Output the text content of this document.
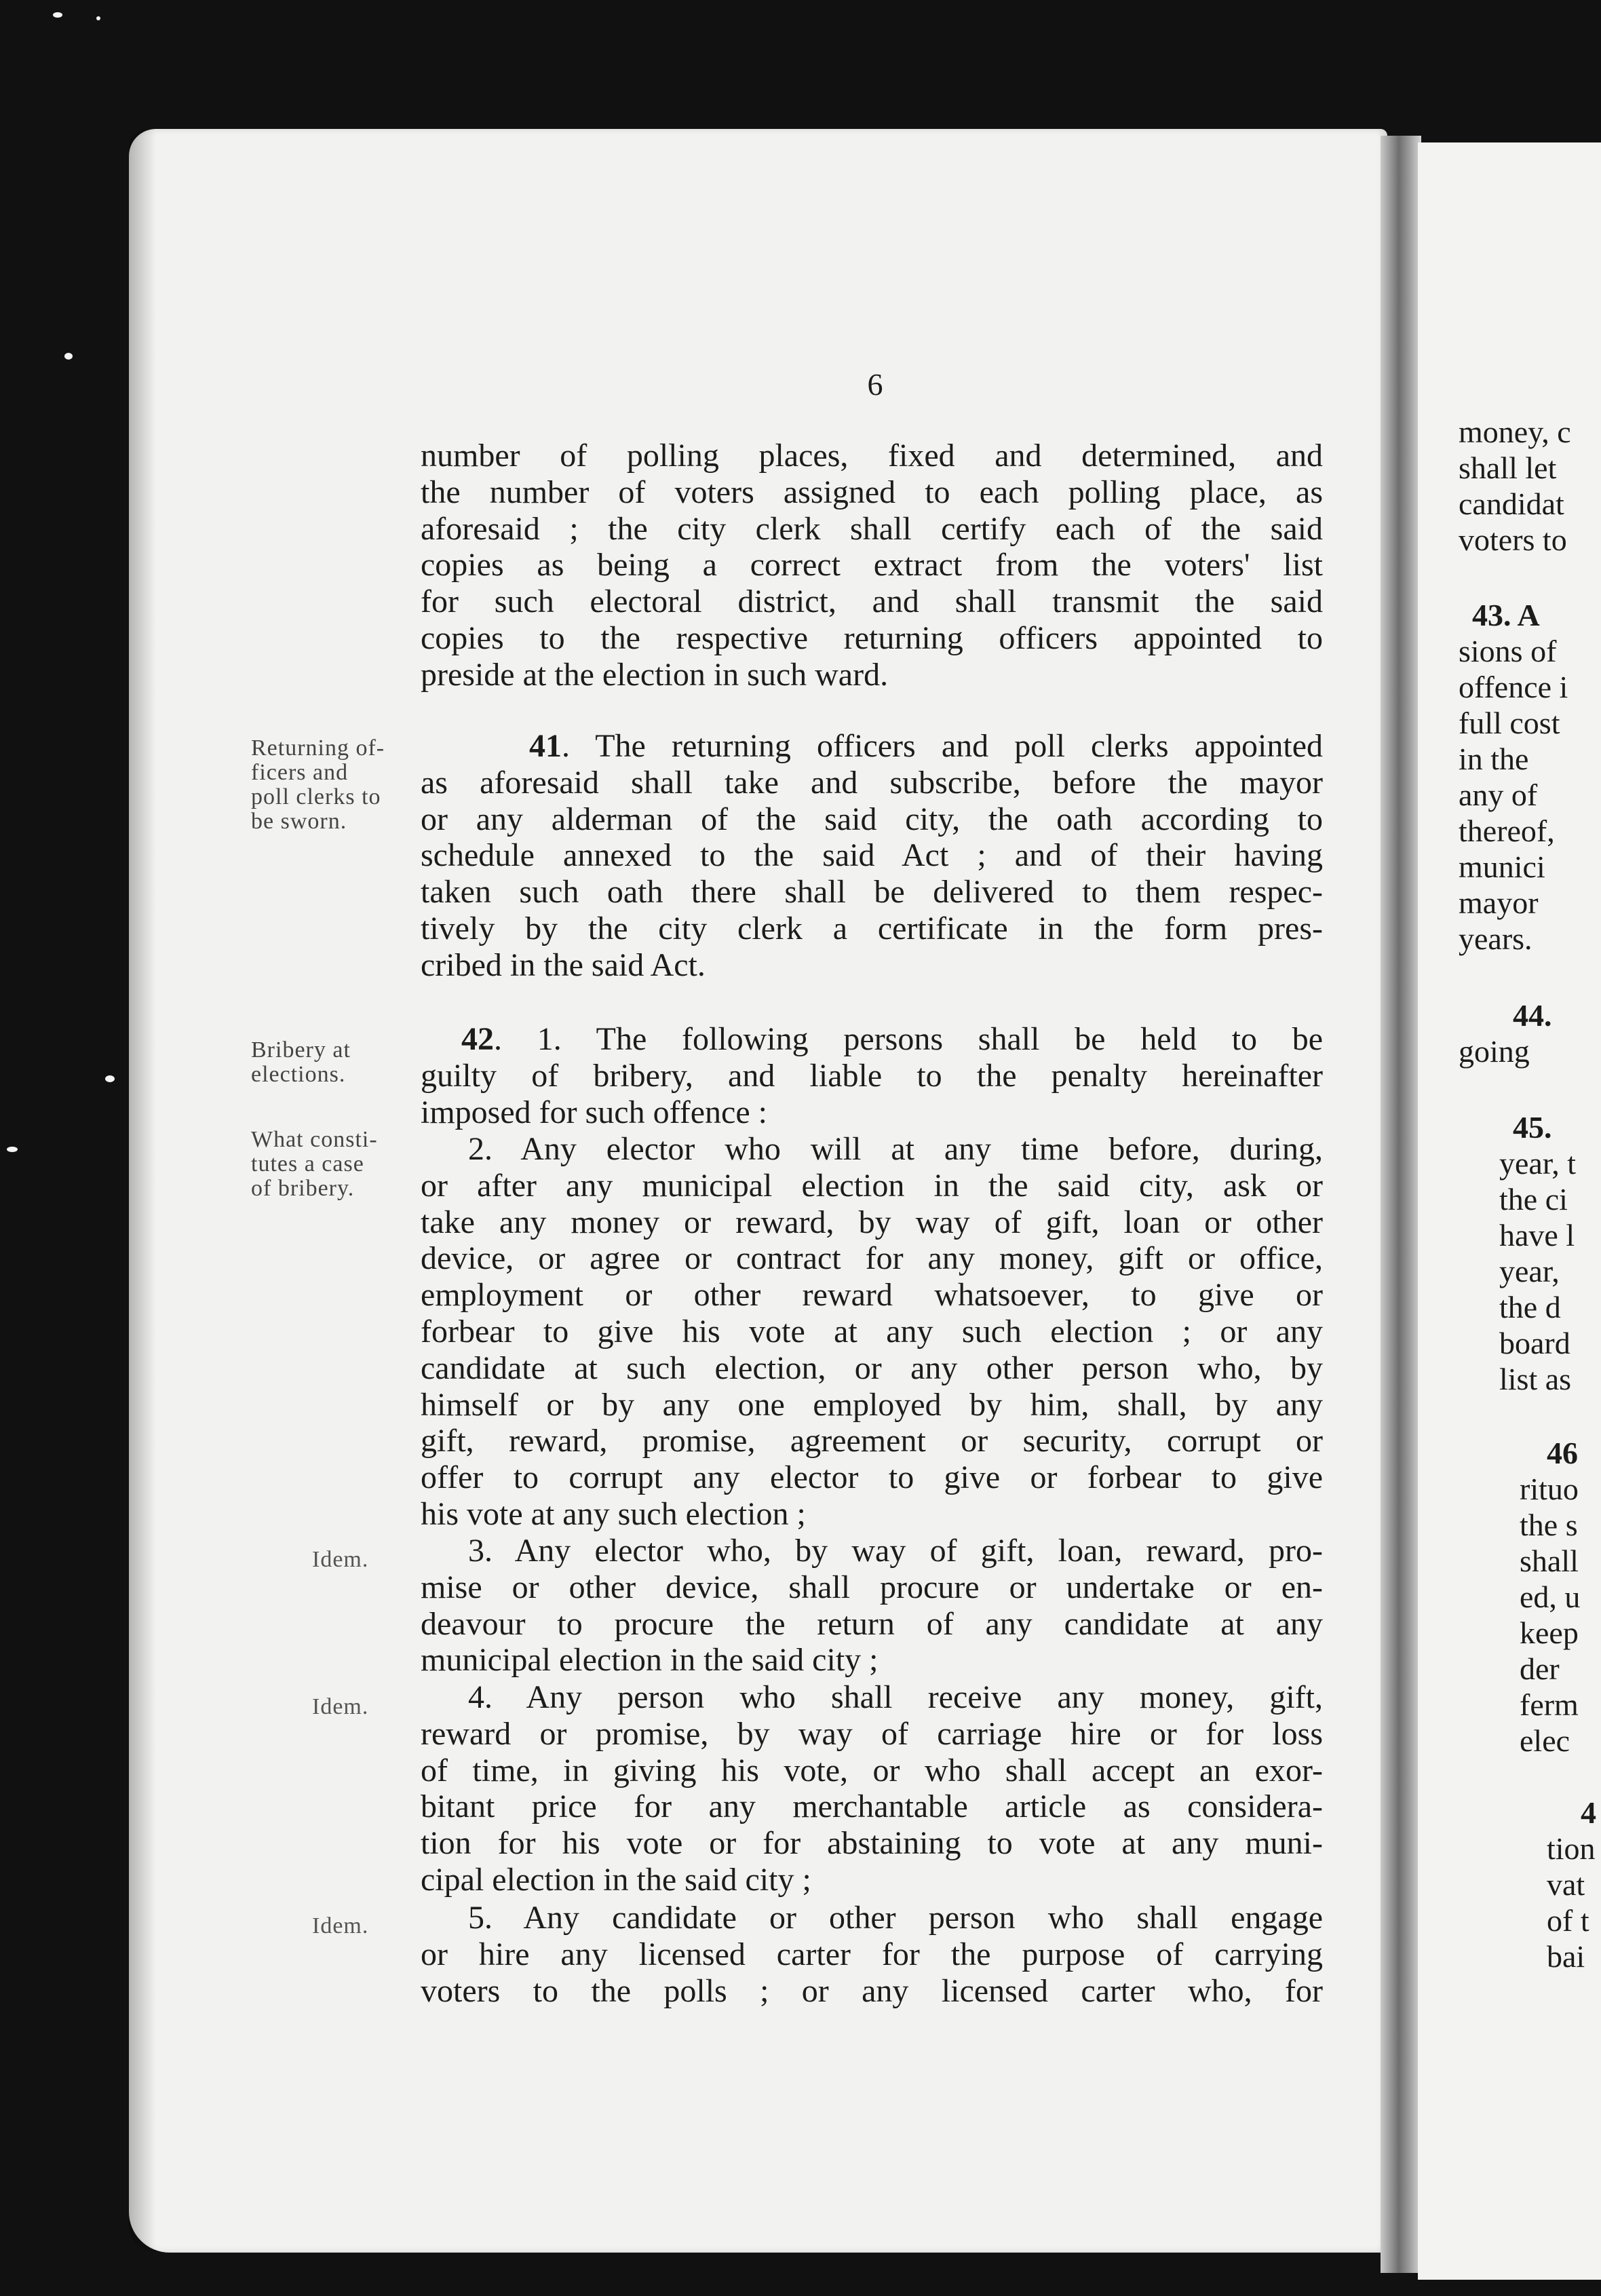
6
number of polling places, fixed and determined, and
the number of voters assigned to each polling place, as
aforesaid ; the city clerk shall certify each of the said
copies as being a correct extract from the voters' list
for such electoral district, and shall transmit the said
copies to the respective returning officers appointed to
preside at the election in such ward.
41. The returning officers and poll clerks appointed
as aforesaid shall take and subscribe, before the mayor
or any alderman of the said city, the oath according to
schedule annexed to the said Act ; and of their having
taken such oath there shall be delivered to them respec-
tively by the city clerk a certificate in the form pres-
cribed in the said Act.
42. 1. The following persons shall be held to be
guilty of bribery, and liable to the penalty hereinafter
imposed for such offence :
2. Any elector who will at any time before, during,
or after any municipal election in the said city, ask or
take any money or reward, by way of gift, loan or other
device, or agree or contract for any money, gift or office,
employment or other reward whatsoever, to give or
forbear to give his vote at any such election ; or any
candidate at such election, or any other person who, by
himself or by any one employed by him, shall, by any
gift, reward, promise, agreement or security, corrupt or
offer to corrupt any elector to give or forbear to give
his vote at any such election ;
3. Any elector who, by way of gift, loan, reward, pro-
mise or other device, shall procure or undertake or en-
deavour to procure the return of any candidate at any
municipal election in the said city ;
4. Any person who shall receive any money, gift,
reward or promise, by way of carriage hire or for loss
of time, in giving his vote, or who shall accept an exor-
bitant price for any merchantable article as considera-
tion for his vote or for abstaining to vote at any muni-
cipal election in the said city ;
5. Any candidate or other person who shall engage
or hire any licensed carter for the purpose of carrying
voters to the polls ; or any licensed carter who, for
Returning of-
ficers and
poll clerks to
be sworn.
Bribery at
elections.
What consti-
tutes a case
of bribery.
Idem.
Idem.
Idem.
money, c
shall let
candidat
voters to
43. A
sions of
offence i
full cost
in the
any of
thereof,
munici
mayor
years.
44.
going
45.
year, t
the ci
have l
year,
the d
board
list as
46
rituo
the s
shall
ed, u
keep
der
ferm
elec
4
tion
vat
of t
bai
